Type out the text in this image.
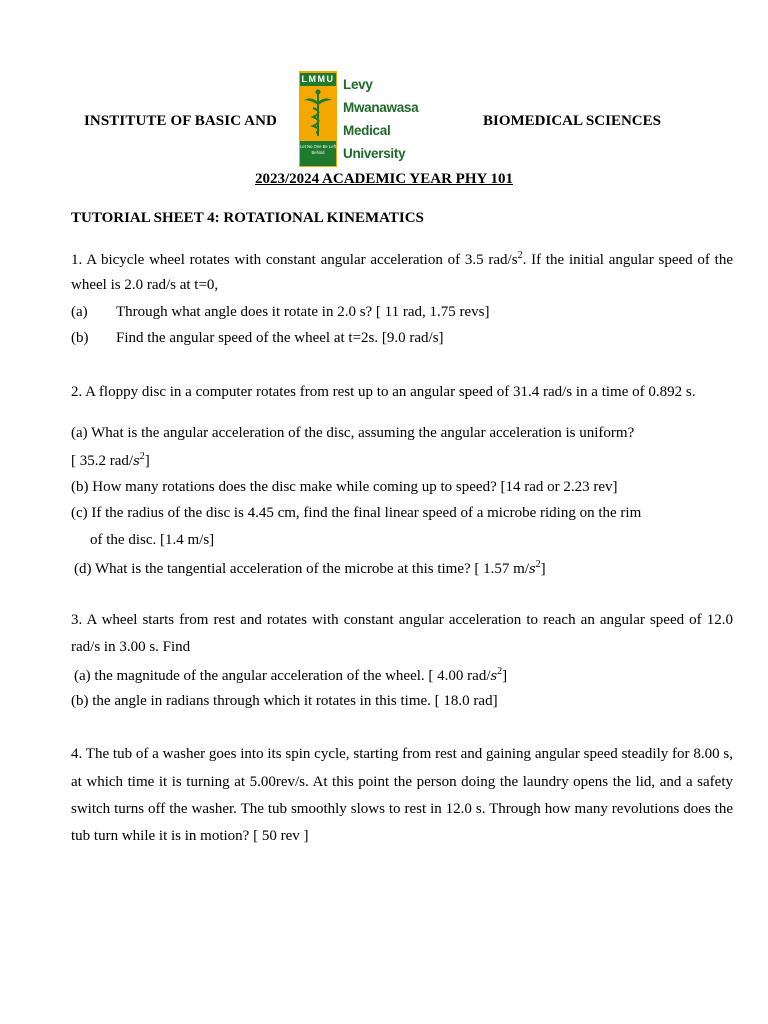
INSTITUTE OF BASIC AND
LMMU
Let No One Be Left Behind
Levy
Mwanawasa
Medical
University
BIOMEDICAL SCIENCES
2023/2024 ACADEMIC YEAR PHY 101
TUTORIAL SHEET 4: ROTATIONAL KINEMATICS
1. A bicycle wheel rotates with constant angular acceleration of 3.5 rad/$s^2$. If the initial angular speed of the
wheel is 2.0 rad/s at t=0,
(a) Through what angle does it rotate in 2.0 s? [ 11 rad, 1.75 revs]
(b) Find the angular speed of the wheel at t=2s. [9.0 rad/s]
2. A floppy disc in a computer rotates from rest up to an angular speed of 31.4 rad/s in a time of 0.892 s.
(a) What is the angular acceleration of the disc, assuming the angular acceleration is uniform?
[ 35.2 rad/$s^2$]
(b) How many rotations does the disc make while coming up to speed? [14 rad or 2.23 rev]
(c) If the radius of the disc is 4.45 cm, find the final linear speed of a microbe riding on the rim
of the disc. [1.4 m/s]
(d) What is the tangential acceleration of the microbe at this time? [ 1.57 $m/s^2$]
3. A wheel starts from rest and rotates with constant angular acceleration to reach an angular speed of 12.0
rad/s in 3.00 s. Find
(a) the magnitude of the angular acceleration of the wheel. [ 4.00 rad/$s^2$]
(b) the angle in radians through which it rotates in this time. [ 18.0 rad]
4. The tub of a washer goes into its spin cycle, starting from rest and gaining angular speed steadily for 8.00 s,
at which time it is turning at 5.00rev/s. At this point the person doing the laundry opens the lid, and a safety
switch turns off the washer. The tub smoothly slows to rest in 12.0 s. Through how many revolutions does the
tub turn while it is in motion? [ 50 rev ]
